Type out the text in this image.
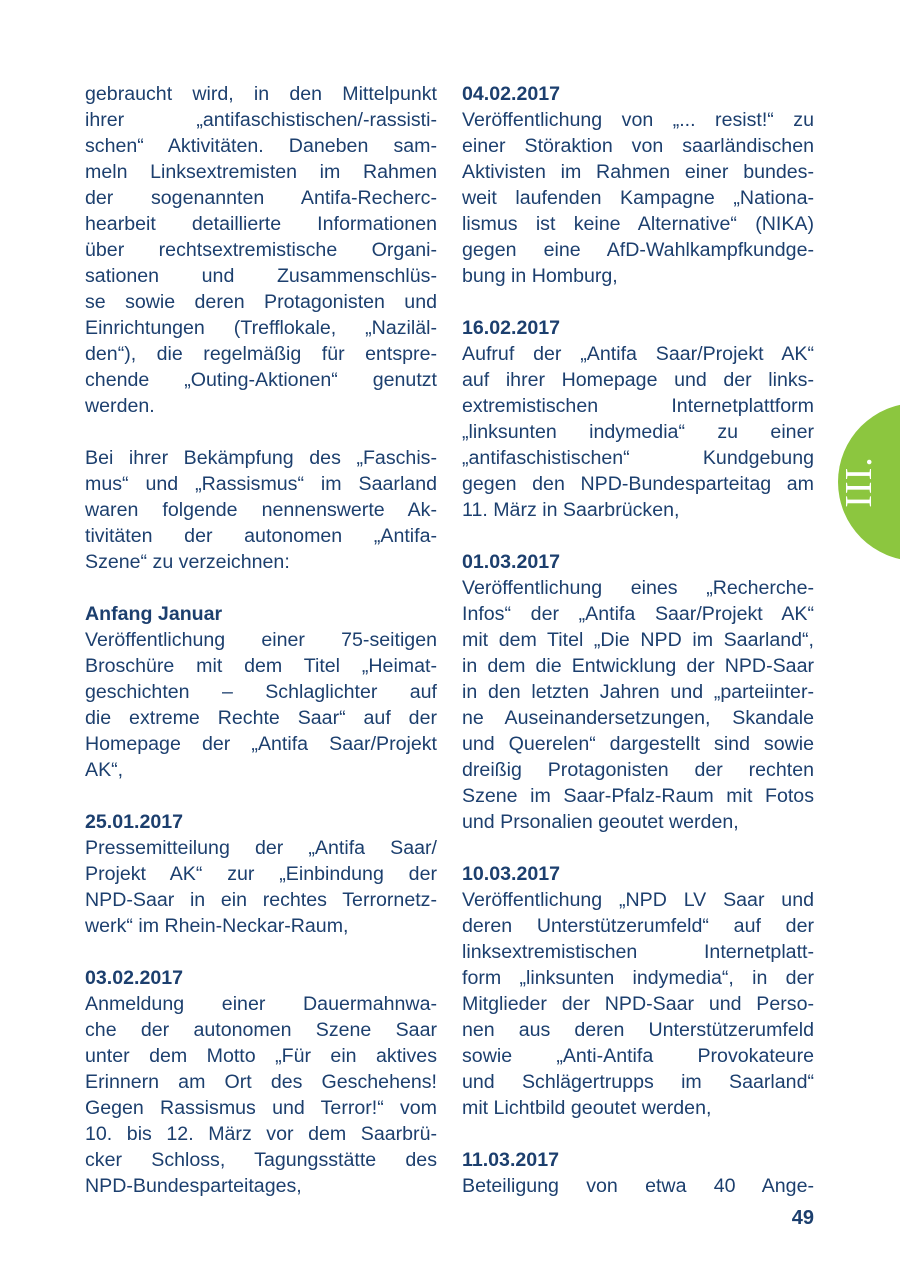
gebraucht wird, in den Mittelpunkt
ihrer „antifaschistischen/-rassisti-
schen“ Aktivitäten. Daneben sam-
meln Linksextremisten im Rahmen
der sogenannten Antifa-Recherc-
hearbeit detaillierte Informationen
über rechtsextremistische Organi-
sationen und Zusammenschlüs-
se sowie deren Protagonisten und
Einrichtungen (Trefflokale, „Naziläl-
den“), die regelmäßig für entspre-
chende „Outing-Aktionen“ genutzt
werden.
Bei ihrer Bekämpfung des „Faschis-
mus“ und „Rassismus“ im Saarland
waren folgende nennenswerte Ak-
tivitäten der autonomen „Antifa-
Szene“ zu verzeichnen:
Anfang Januar
Veröffentlichung einer 75-seitigen
Broschüre mit dem Titel „Heimat-
geschichten – Schlaglichter auf
die extreme Rechte Saar“ auf der
Homepage der „Antifa Saar/Projekt
AK“,
25.01.2017
Pressemitteilung der „Antifa Saar/
Projekt AK“ zur „Einbindung der
NPD-Saar in ein rechtes Terrornetz-
werk“ im Rhein-Neckar-Raum,
03.02.2017
Anmeldung einer Dauermahnwa-
che der autonomen Szene Saar
unter dem Motto „Für ein aktives
Erinnern am Ort des Geschehens!
Gegen Rassismus und Terror!“ vom
10. bis 12. März vor dem Saarbrü-
cker Schloss, Tagungsstätte des
NPD-Bundesparteitages,
04.02.2017
Veröffentlichung von „... resist!“ zu
einer Störaktion von saarländischen
Aktivisten im Rahmen einer bundes-
weit laufenden Kampagne „Nationa-
lismus ist keine Alternative“ (NIKA)
gegen eine AfD-Wahlkampfkundge-
bung in Homburg,
16.02.2017
Aufruf der „Antifa Saar/Projekt AK“
auf ihrer Homepage und der links-
extremistischen Internetplattform
„linksunten indymedia“ zu einer
„antifaschistischen“ Kundgebung
gegen den NPD-Bundesparteitag am
11. März in Saarbrücken,
01.03.2017
Veröffentlichung eines „Recherche-
Infos“ der „Antifa Saar/Projekt AK“
mit dem Titel „Die NPD im Saarland“,
in dem die Entwicklung der NPD-Saar
in den letzten Jahren und „parteiinter-
ne Auseinandersetzungen, Skandale
und Querelen“ dargestellt sind sowie
dreißig Protagonisten der rechten
Szene im Saar-Pfalz-Raum mit Fotos
und Prsonalien geoutet werden,
10.03.2017
Veröffentlichung „NPD LV Saar und
deren Unterstützerumfeld“ auf der
linksextremistischen Internetplatt-
form „linksunten indymedia“, in der
Mitglieder der NPD-Saar und Perso-
nen aus deren Unterstützerumfeld
sowie „Anti-Antifa Provokateure
und Schlägertrupps im Saarland“
mit Lichtbild geoutet werden,
11.03.2017
Beteiligung von etwa 40 Ange-
III.
49
